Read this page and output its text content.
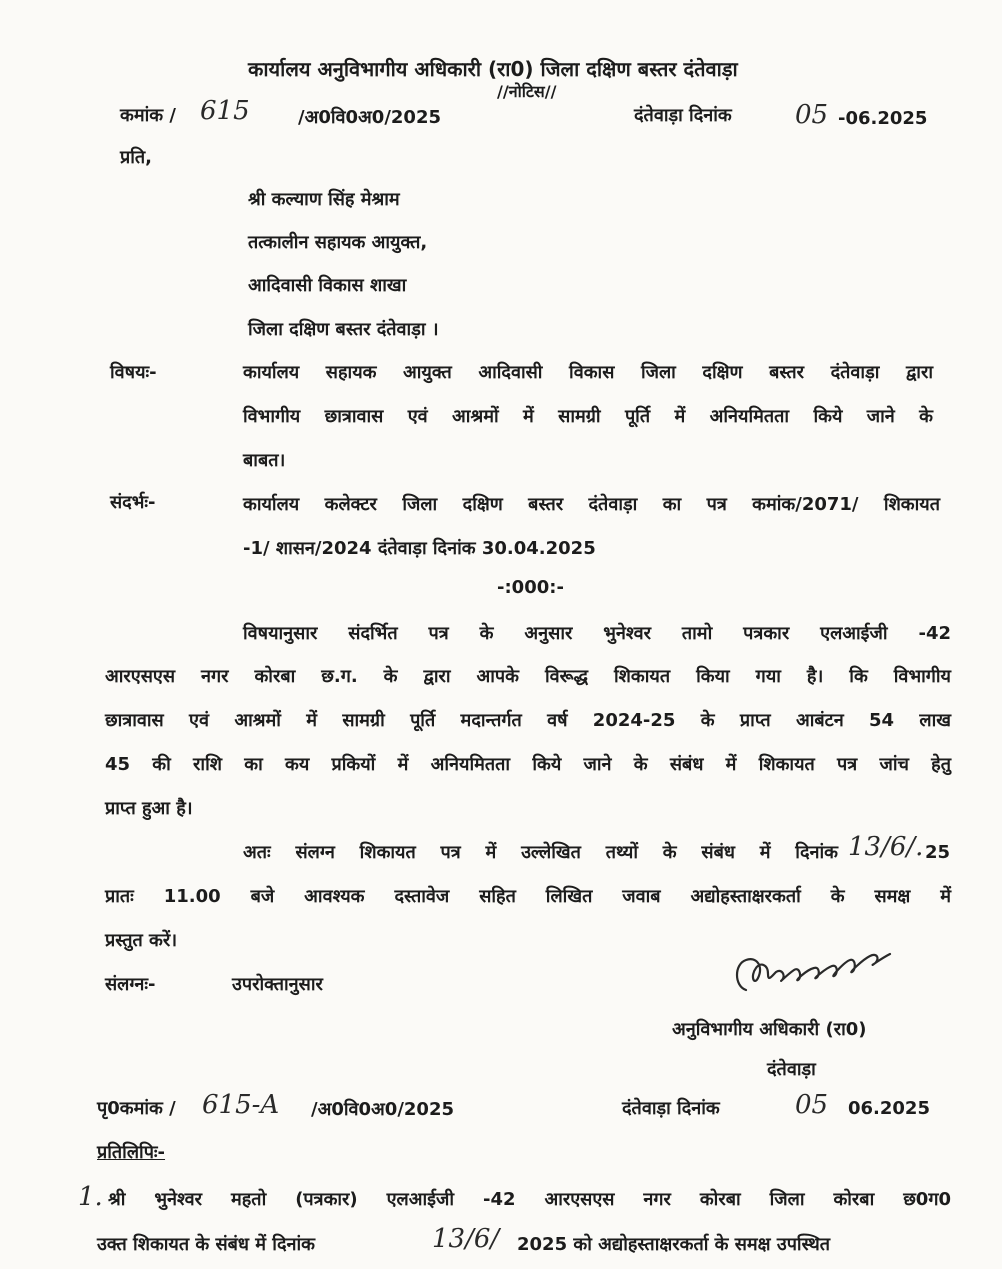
कार्यालय अनुविभागीय अधिकारी (रा0) जिला दक्षिण बस्तर दंतेवाड़ा
//नोटिस//
कमांक / 615	/अ0वि0अ0/2025	दंतेवाड़ा दिनांक 05 -06.2025
प्रति,
श्री कल्याण सिंह मेश्राम
तत्कालीन सहायक आयुक्त,
आदिवासी विकास शाखा
जिला दक्षिण बस्तर दंतेवाड़ा ।
विषयः-	कार्यालय सहायक आयुक्त आदिवासी विकास जिला दक्षिण बस्तर दंतेवाड़ा द्वारा
विभागीय छात्रावास एवं आश्रमों में सामग्री पूर्ति में अनियमितता किये जाने के
बाबत।
संदर्भः-	कार्यालय कलेक्टर जिला दक्षिण बस्तर दंतेवाड़ा का पत्र कमांक/2071/ शिकायत
-1/ शासन/2024 दंतेवाड़ा दिनांक 30.04.2025
-:000:-
विषयानुसार संदर्भित पत्र के अनुसार भुनेश्वर तामो पत्रकार एलआईजी -42
आरएसएस नगर कोरबा छ.ग. के द्वारा आपके विरूद्ध शिकायत किया गया है। कि विभागीय
छात्रावास एवं आश्रमों में सामग्री पूर्ति मदान्तर्गत वर्ष 2024-25 के प्राप्त आबंटन 54 लाख
45 की राशि का कय प्रकियों में अनियमितता किये जाने के संबंध में शिकायत पत्र जांच हेतु
प्राप्त हुआ है।
अतः संलग्न शिकायत पत्र में उल्लेखित तथ्यों के संबंध में दिनांक 13/6/. 25
प्रातः 11.00 बजे आवश्यक दस्तावेज सहित लिखित जवाब अद्योहस्ताक्षरकर्ता के समक्ष में
प्रस्तुत करें।
संलग्नः-	उपरोक्तानुसार
अनुविभागीय अधिकारी (रा0)
दंतेवाड़ा
पृ0कमांक / 615-A /अ0वि0अ0/2025	दंतेवाड़ा दिनांक	05 06.2025
प्रतिलिपिः-
1. श्री भुनेश्वर महतो (पत्रकार) एलआईजी -42 आरएसएस नगर कोरबा जिला कोरबा छ0ग0
उक्त शिकायत के संबंध में दिनांक	13/6/ 2025 को अद्योहस्ताक्षरकर्ता के समक्ष उपस्थित
